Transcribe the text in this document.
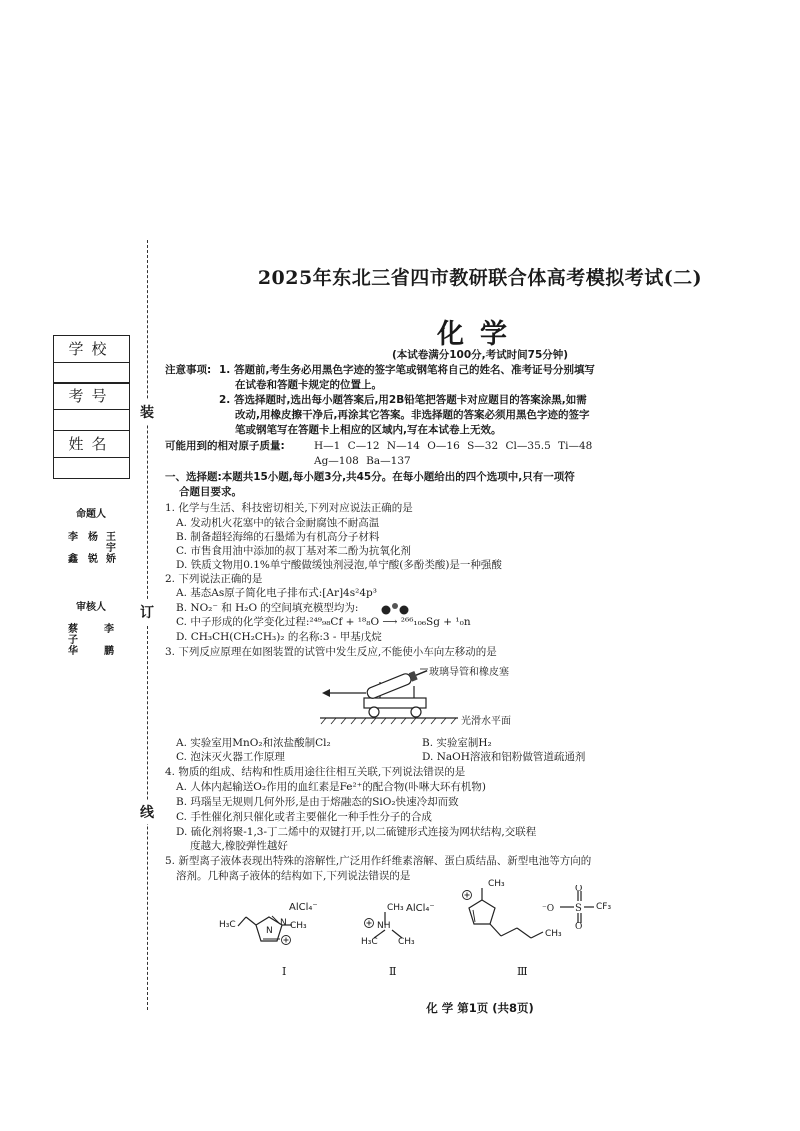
装
订
线
学校
考号
姓名
命题人
李 杨 王
宇
鑫 锐 娇
审核人
蔡	李
子
华	鹏
2025年东北三省四市教研联合体高考模拟考试(二)
化学
(本试卷满分100分,考试时间75分钟)
注意事项: 1. 答题前,考生务必用黑色字迹的签字笔或钢笔将自己的姓名、准考证号分别填写
在试卷和答题卡规定的位置上。
2. 答选择题时,选出每小题答案后,用2B铅笔把答题卡对应题目的答案涂黑,如需
改动,用橡皮擦干净后,再涂其它答案。非选择题的答案必须用黑色字迹的签字
笔或钢笔写在答题卡上相应的区域内,写在本试卷上无效。
可能用到的相对原子质量:	H—1 C—12 N—14 O—16 S—32 Cl—35.5 Ti—48
Ag—108 Ba—137
一、选择题:本题共15小题,每小题3分,共45分。在每小题给出的四个选项中,只有一项符
合题目要求。
1. 化学与生活、科技密切相关,下列对应说法正确的是
A. 发动机火花塞中的铱合金耐腐蚀不耐高温
B. 制备超轻海绵的石墨烯为有机高分子材料
C. 市售食用油中添加的叔丁基对苯二酚为抗氧化剂
D. 铁质文物用0.1%单宁酸做缓蚀剂浸泡,单宁酸(多酚类酸)是一种强酸
2. 下列说法正确的是
A. 基态As原子简化电子排布式:[Ar]4s²4p³
B. NO₂⁻ 和 H₂O 的空间填充模型均为:
C. 中子形成的化学变化过程:²⁴⁹₉₈Cf + ¹⁸₈O ⟶ ²⁶⁶₁₀₆Sg + ¹₀n
D. CH₃CH(CH₂CH₃)₂ 的名称:3 - 甲基戊烷
3. 下列反应原理在如图装置的试管中发生反应,不能使小车向左移动的是
玻璃导管和橡皮塞
光滑水平面
A. 实验室用MnO₂和浓盐酸制Cl₂	B. 实验室制H₂
C. 泡沫灭火器工作原理	D. NaOH溶液和铝粉做管道疏通剂
4. 物质的组成、结构和性质用途往往相互关联,下列说法错误的是
A. 人体内起输送O₂作用的血红素是Fe²⁺的配合物(卟啉大环有机物)
B. 玛瑙呈无规则几何外形,是由于熔融态的SiO₂快速冷却而致
C. 手性催化剂只催化或者主要催化一种手性分子的合成
D. 硫化剂将聚-1,3-丁二烯中的双键打开,以二硫键形式连接为网状结构,交联程
度越大,橡胶弹性越好
5. 新型离子液体表现出特殊的溶解性,广泛用作纤维素溶解、蛋白质结晶、新型电池等方向的
溶剂。几种离子液体的结构如下,下列说法错误的是
AlCl₄⁻
H₃C
N
N CH₃
Ⅰ
CH₃ AlCl₄⁻
NH
H₃C CH₃
Ⅱ
CH₃
CH₃
Ⅲ
S
O
O
⁻O	CF₃
化 学 第1页 (共8页)
